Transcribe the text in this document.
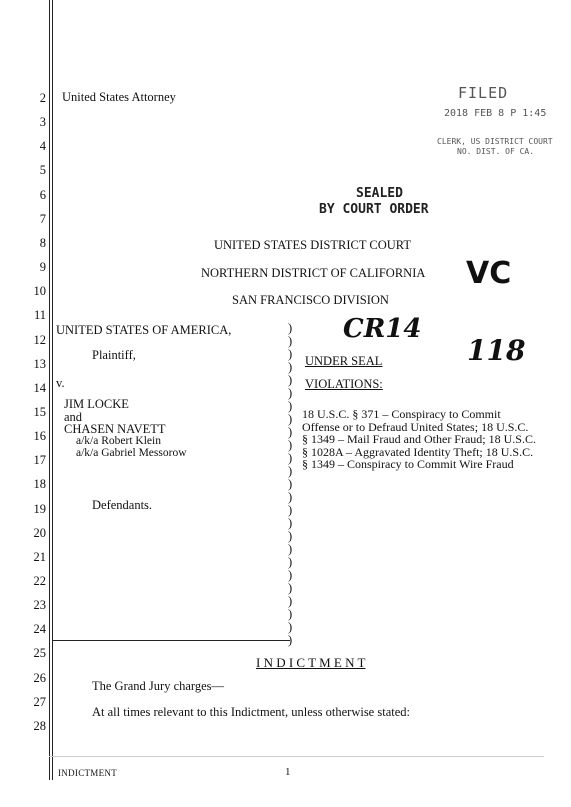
2
3
4
5
6
7
8
9
10
11
12
13
14
15
16
17
18
19
20
21
22
23
24
25
26
27
28
United States Attorney	FILED
2018 FEB 8 P 1:45
CLERK, US DISTRICT COURT
NO. DIST. OF CA.
SEALED
BY COURT ORDER
UNITED STATES DISTRICT COURT
NORTHERN DISTRICT OF CALIFORNIA
SAN FRANCISCO DIVISION
VC
CR14
118
UNITED STATES OF AMERICA,
Plaintiff,
v.
JIM LOCKE
and
CHASEN NAVETT
a/k/a Robert Klein
a/k/a Gabriel Messorow
Defendants.
)
)
)
)
)
)
)
)
)
)
)
)
)
)
)
)
)
)
)
)
)
)
)
)
)
UNDER SEAL
VIOLATIONS:
18 U.S.C. § 371 – Conspiracy to Commit
Offense or to Defraud United States; 18 U.S.C.
§ 1349 – Mail Fraud and Other Fraud; 18 U.S.C.
§ 1028A – Aggravated Identity Theft; 18 U.S.C.
§ 1349 – Conspiracy to Commit Wire Fraud
I N D I C T M E N T
The Grand Jury charges—
At all times relevant to this Indictment, unless otherwise stated:
INDICTMENT	1
